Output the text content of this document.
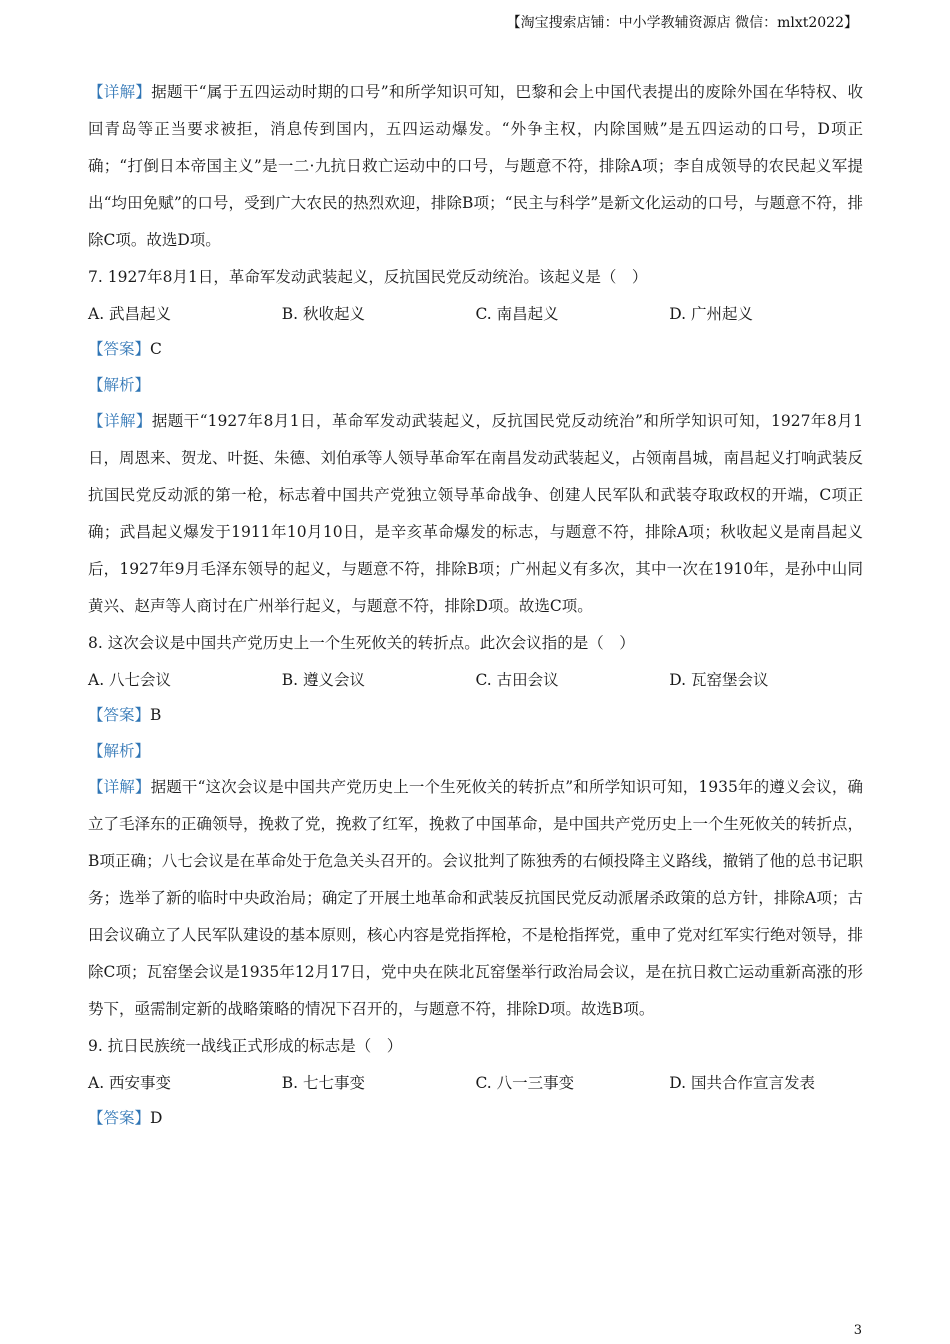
【淘宝搜索店铺：中小学教辅资源店 微信：mlxt2022】

【详解】据题干“属于五四运动时期的口号”和所学知识可知，巴黎和会上中国代表提出的废除外国在华特权、收回青岛等正当要求被拒，消息传到国内，五四运动爆发。“外争主权，内除国贼”是五四运动的口号，D项正确；“打倒日本帝国主义”是一二·九抗日救亡运动中的口号，与题意不符，排除A项；李自成领导的农民起义军提出“均田免赋”的口号，受到广大农民的热烈欢迎，排除B项；“民主与科学”是新文化运动的口号，与题意不符，排除C项。故选D项。

7. 1927年8月1日，革命军发动武装起义，反抗国民党反动统治。该起义是（　）

A. 武昌起义	B. 秋收起义	C. 南昌起义	D. 广州起义
【答案】C
【解析】

【详解】据题干“1927年8月1日，革命军发动武装起义，反抗国民党反动统治”和所学知识可知，1927年8月1日，周恩来、贺龙、叶挺、朱德、刘伯承等人领导革命军在南昌发动武装起义，占领南昌城，南昌起义打响武装反抗国民党反动派的第一枪，标志着中国共产党独立领导革命战争、创建人民军队和武装夺取政权的开端，C项正确；武昌起义爆发于1911年10月10日，是辛亥革命爆发的标志，与题意不符，排除A项；秋收起义是南昌起义后，1927年9月毛泽东领导的起义，与题意不符，排除B项；广州起义有多次，其中一次在1910年，是孙中山同黄兴、赵声等人商讨在广州举行起义，与题意不符，排除D项。故选C项。

8. 这次会议是中国共产党历史上一个生死攸关的转折点。此次会议指的是（　）

A. 八七会议	B. 遵义会议	C. 古田会议	D. 瓦窑堡会议
【答案】B
【解析】

【详解】据题干“这次会议是中国共产党历史上一个生死攸关的转折点”和所学知识可知，1935年的遵义会议，确立了毛泽东的正确领导，挽救了党，挽救了红军，挽救了中国革命，是中国共产党历史上一个生死攸关的转折点，B项正确；八七会议是在革命处于危急关头召开的。会议批判了陈独秀的右倾投降主义路线，撤销了他的总书记职务；选举了新的临时中央政治局；确定了开展土地革命和武装反抗国民党反动派屠杀政策的总方针，排除A项；古田会议确立了人民军队建设的基本原则，核心内容是党指挥枪，不是枪指挥党，重申了党对红军实行绝对领导，排除C项；瓦窑堡会议是1935年12月17日，党中央在陕北瓦窑堡举行政治局会议，是在抗日救亡运动重新高涨的形势下，亟需制定新的战略策略的情况下召开的，与题意不符，排除D项。故选B项。

9. 抗日民族统一战线正式形成的标志是（　）

A. 西安事变	B. 七七事变	C. 八一三事变	D. 国共合作宣言发表
【答案】D
3
